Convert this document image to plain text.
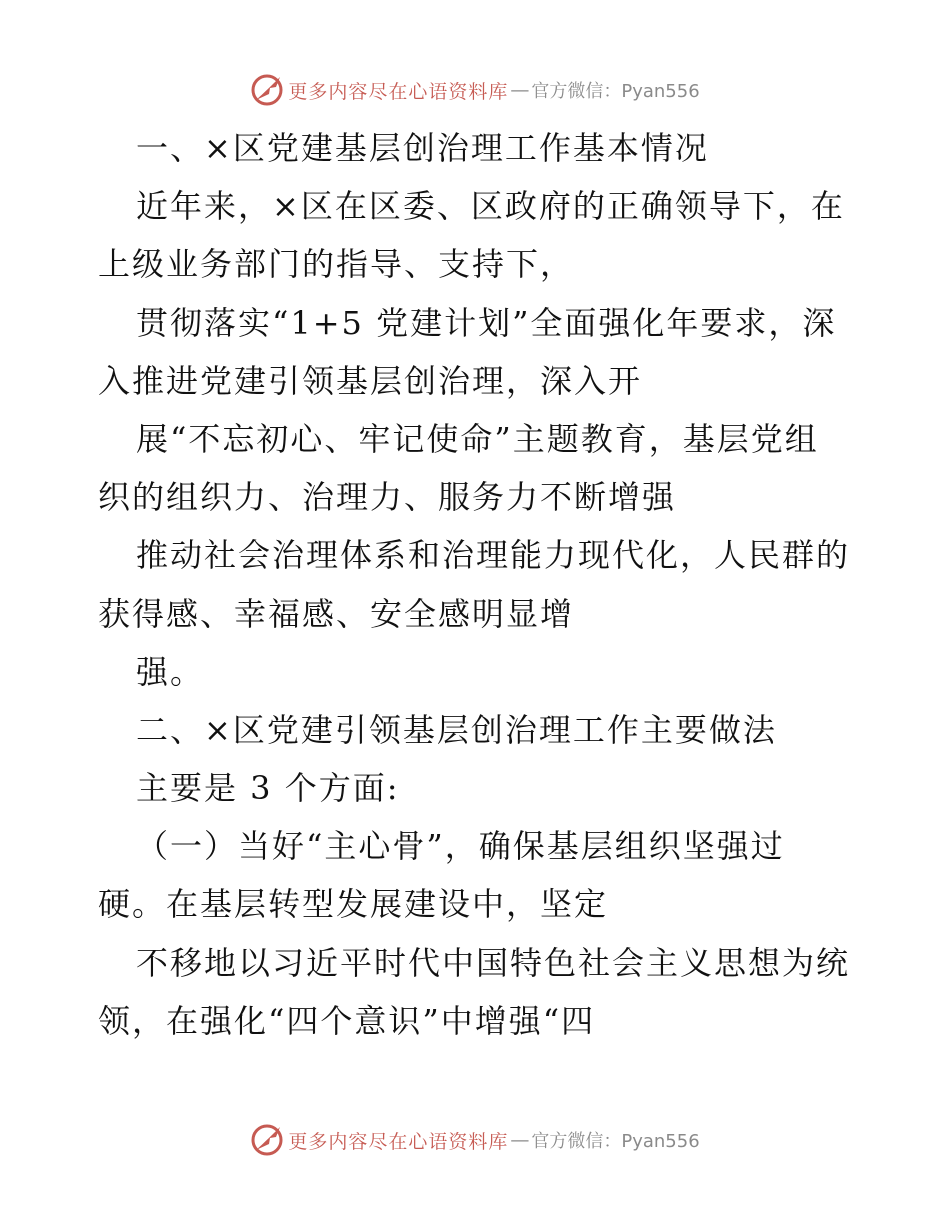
更多内容尽在心语资料库 — 官方微信：Pyan556
一、×区党建基层创治理工作基本情况
近年来，×区在区委、区政府的正确领导下，在
上级业务部门的指导、支持下，
贯彻落实“1+5 党建计划”全面强化年要求，深
入推进党建引领基层创治理，深入开
展“不忘初心、牢记使命”主题教育，基层党组
织的组织力、治理力、服务力不断增强
推动社会治理体系和治理能力现代化，人民群的
获得感、幸福感、安全感明显增
强。
二、×区党建引领基层创治理工作主要做法
主要是 3 个方面:
（一）当好“主心骨”，确保基层组织坚强过
硬。在基层转型发展建设中，坚定
不移地以习近平时代中国特色社会主义思想为统
领，在强化“四个意识”中增强“四
更多内容尽在心语资料库 — 官方微信：Pyan556
